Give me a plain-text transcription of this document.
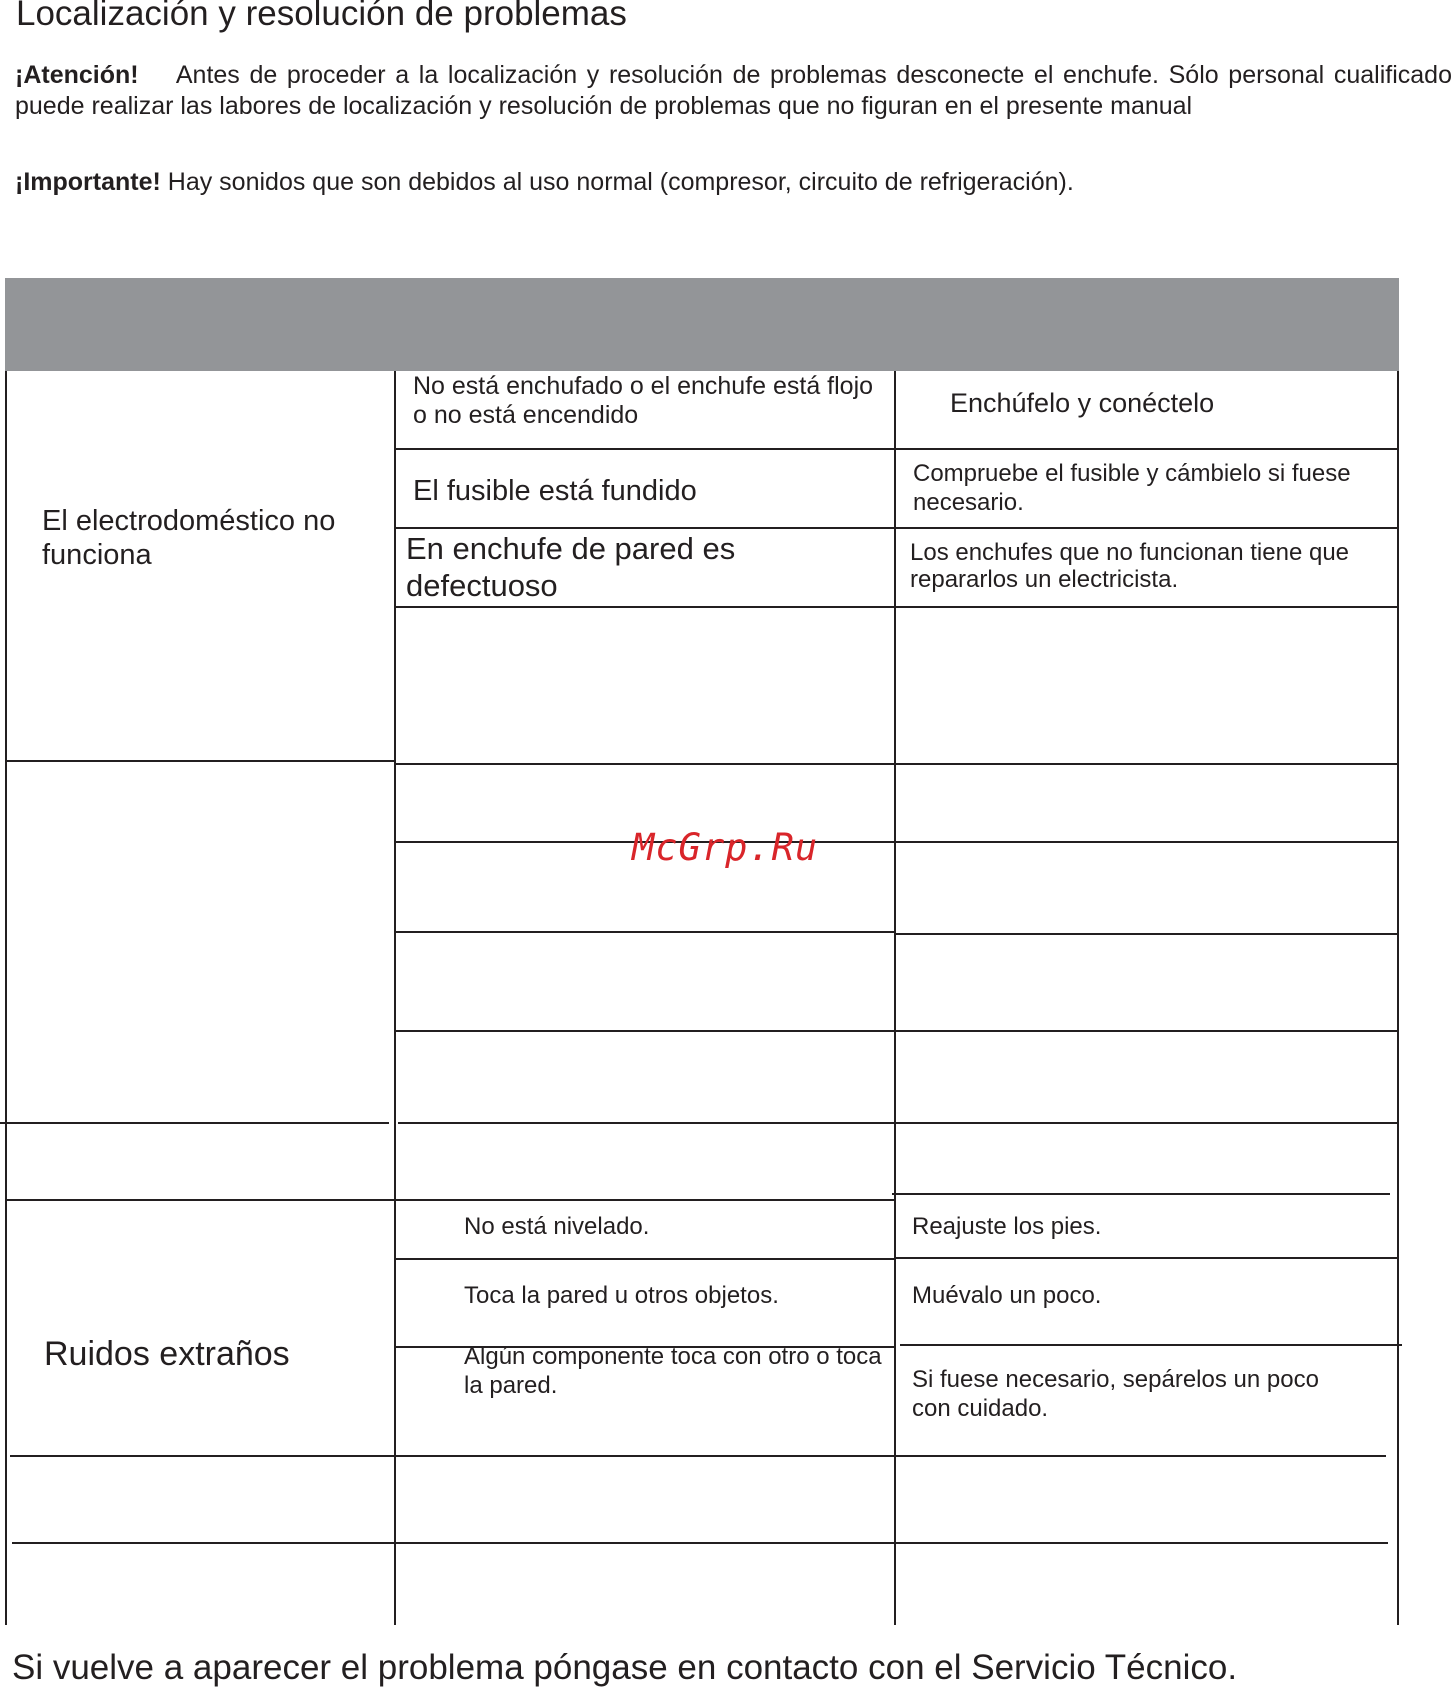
Localización y resolución de problemas

¡Atención! Antes de proceder a la localización y resolución de problemas desconecte el enchufe. Sólo personal cualificado puede realizar las labores de localización y resolución de problemas que no figuran en el presente manual

¡Importante! Hay sonidos que son debidos al uso normal (compresor, circuito de refrigeración).

El electrodoméstico no funciona
Ruidos extraños
No está enchufado o el enchufe está flojo o no está encendido
El fusible está fundido
En enchufe de pared es defectuoso
Enchúfelo y conéctelo
Compruebe el fusible y cámbielo si fuese necesario.
Los enchufes que no funcionan tiene que repararlos un electricista.
No está nivelado.
Toca la pared u otros objetos.
Algún componente toca con otro o toca la pared.
Reajuste los pies.
Muévalo un poco.
Si fuese necesario, sepárelos un poco con cuidado.
McGrp.Ru
Si vuelve a aparecer el problema póngase en contacto con el Servicio Técnico.
